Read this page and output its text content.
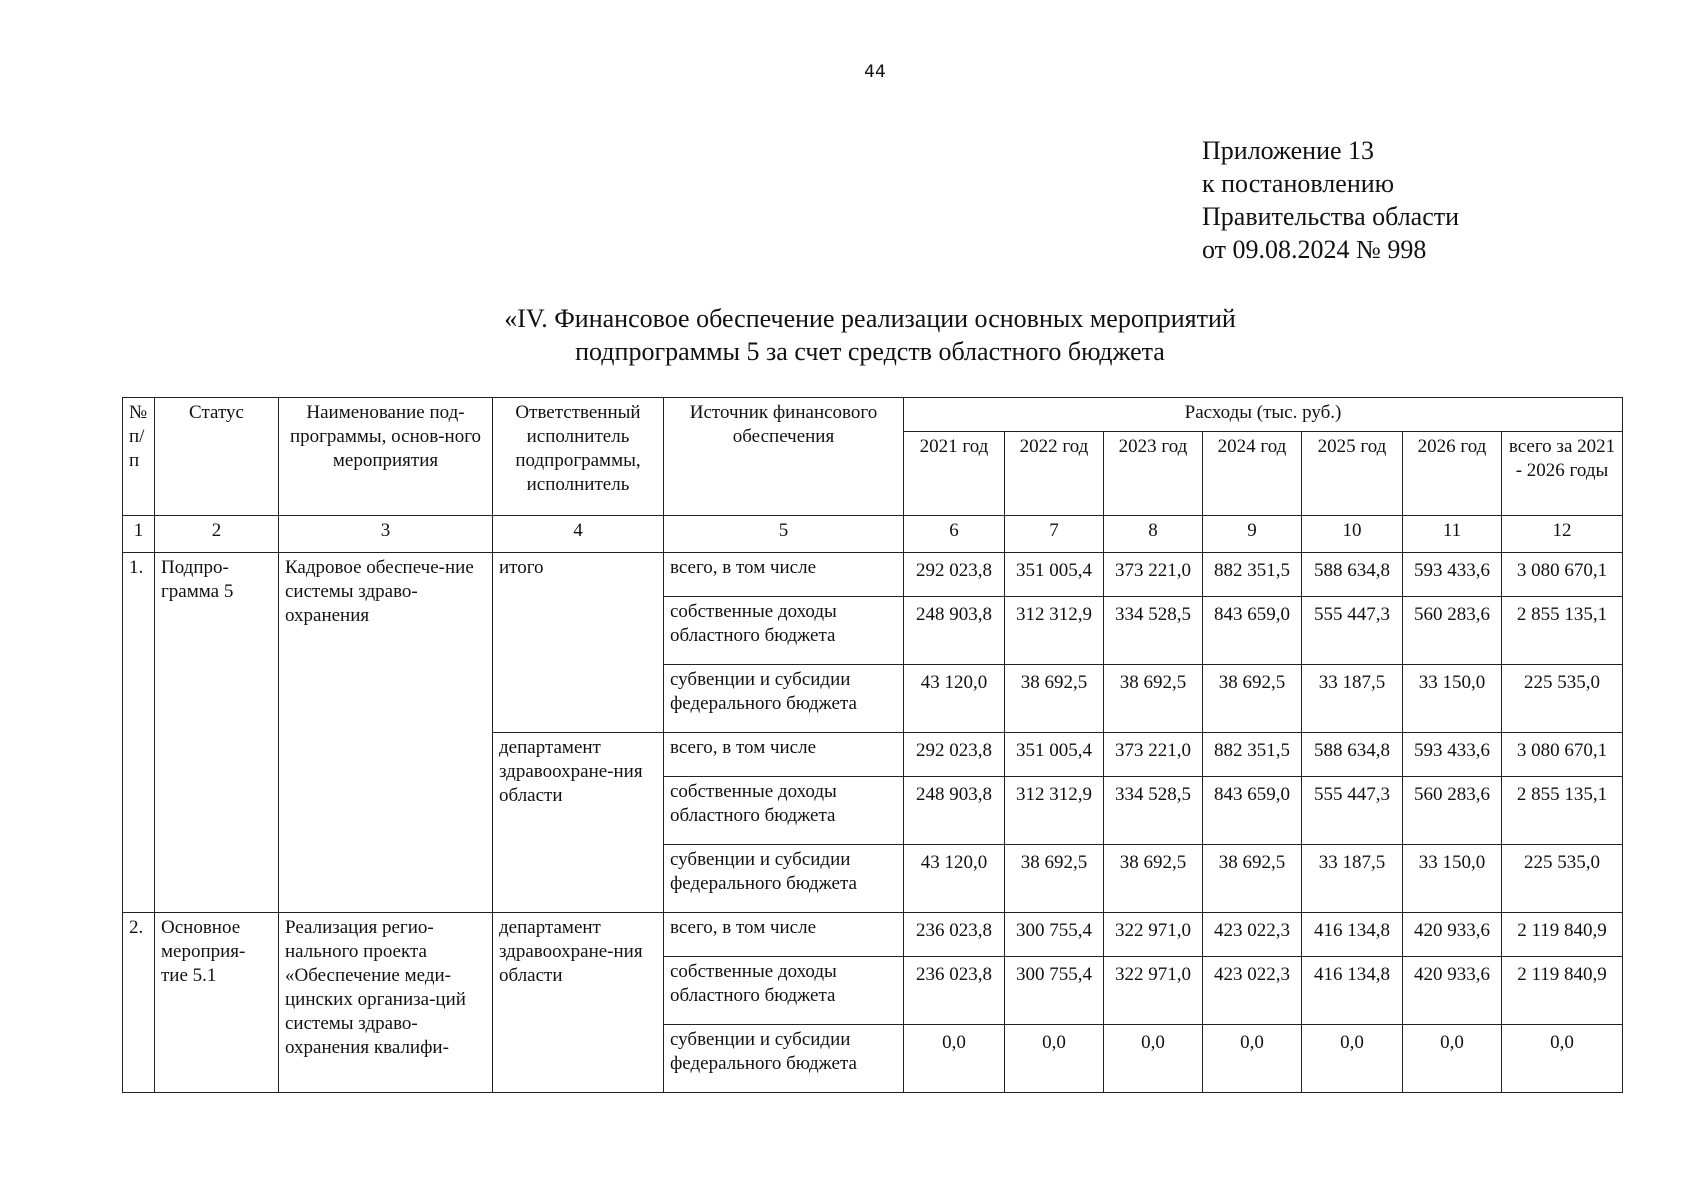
44
Приложение 13
к постановлению
Правительства области
от 09.08.2024 № 998
«IV. Финансовое обеспечение реализации основных мероприятий
подпрограммы 5 за счет средств областного бюджета
№ п/п	Статус	Наименование под-программы, основ-ного мероприятия	Ответственный исполнитель подпрограммы, исполнитель	Источник финансового обеспечения	Расходы (тыс. руб.)						
					2021 год	2022 год	2023 год	2024 год	2025 год	2026 год	всего за 2021 - 2026 годы
1	2	3	4	5	6	7	8	9	10	11	12
1.	Подпро-грамма 5	Кадровое обеспече-ние системы здраво-охранения	итого	всего, в том числе	292 023,8	351 005,4	373 221,0	882 351,5	588 634,8	593 433,6	3 080 670,1
				собственные доходы областного бюджета	248 903,8	312 312,9	334 528,5	843 659,0	555 447,3	560 283,6	2 855 135,1
				субвенции и субсидии федерального бюджета	43 120,0	38 692,5	38 692,5	38 692,5	33 187,5	33 150,0	225 535,0
			департамент здравоохране-ния области	всего, в том числе	292 023,8	351 005,4	373 221,0	882 351,5	588 634,8	593 433,6	3 080 670,1
				собственные доходы областного бюджета	248 903,8	312 312,9	334 528,5	843 659,0	555 447,3	560 283,6	2 855 135,1
				субвенции и субсидии федерального бюджета	43 120,0	38 692,5	38 692,5	38 692,5	33 187,5	33 150,0	225 535,0
2.	Основное мероприя-тие 5.1	Реализация регио-нального проекта «Обеспечение меди-цинских организа-ций системы здраво-охранения квалифи-	департамент здравоохране-ния области	всего, в том числе	236 023,8	300 755,4	322 971,0	423 022,3	416 134,8	420 933,6	2 119 840,9
				собственные доходы областного бюджета	236 023,8	300 755,4	322 971,0	423 022,3	416 134,8	420 933,6	2 119 840,9
				субвенции и субсидии федерального бюджета	0,0	0,0	0,0	0,0	0,0	0,0	0,0
